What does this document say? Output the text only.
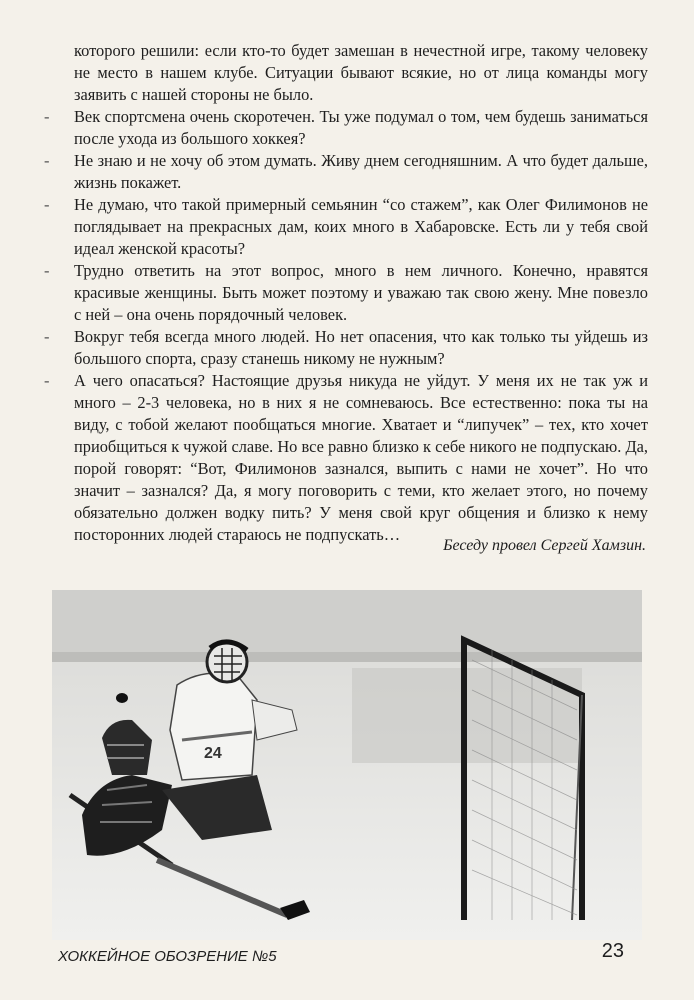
которого решили: если кто-то будет замешан в нечестной игре, такому человеку не место в нашем клубе. Ситуации бывают всякие, но от лица команды могу заявить с нашей стороны не было.

- Век спортсмена очень скоротечен. Ты уже подумал о том, чем будешь заниматься после ухода из большого хоккея?

- Не знаю и не хочу об этом думать. Живу днем сегодняшним. А что будет дальше, жизнь покажет.

- Не думаю, что такой примерный семьянин “со стажем”, как Олег Филимонов не поглядывает на прекрасных дам, коих много в Хабаровске. Есть ли у тебя свой идеал женской красоты?

- Трудно ответить на этот вопрос, много в нем личного. Конечно, нравятся красивые женщины. Быть может поэтому и уважаю так свою жену. Мне повезло с ней – она очень порядочный человек.

- Вокруг тебя всегда много людей. Но нет опасения, что как только ты уйдешь из большого спорта, сразу станешь никому не нужным?

- А чего опасаться? Настоящие друзья никуда не уйдут. У меня их не так уж и много – 2-3 человека, но в них я не сомневаюсь. Все естественно: пока ты на виду, с тобой желают пообщаться многие. Хватает и “липучек” – тех, кто хочет приобщиться к чужой славе. Но все равно близко к себе никого не подпускаю. Да, порой говорят: “Вот, Филимонов зазнался, выпить с нами не хочет”. Но что значит – зазнался? Да, я могу поговорить с теми, кто желает этого, но почему обязательно должен водку пить? У меня свой круг общения и близко к нему посторонних людей стараюсь не подпускать…

Беседу провел Сергей Хамзин.
24
ХОККЕЙНОЕ ОБОЗРЕНИЕ №5	23
